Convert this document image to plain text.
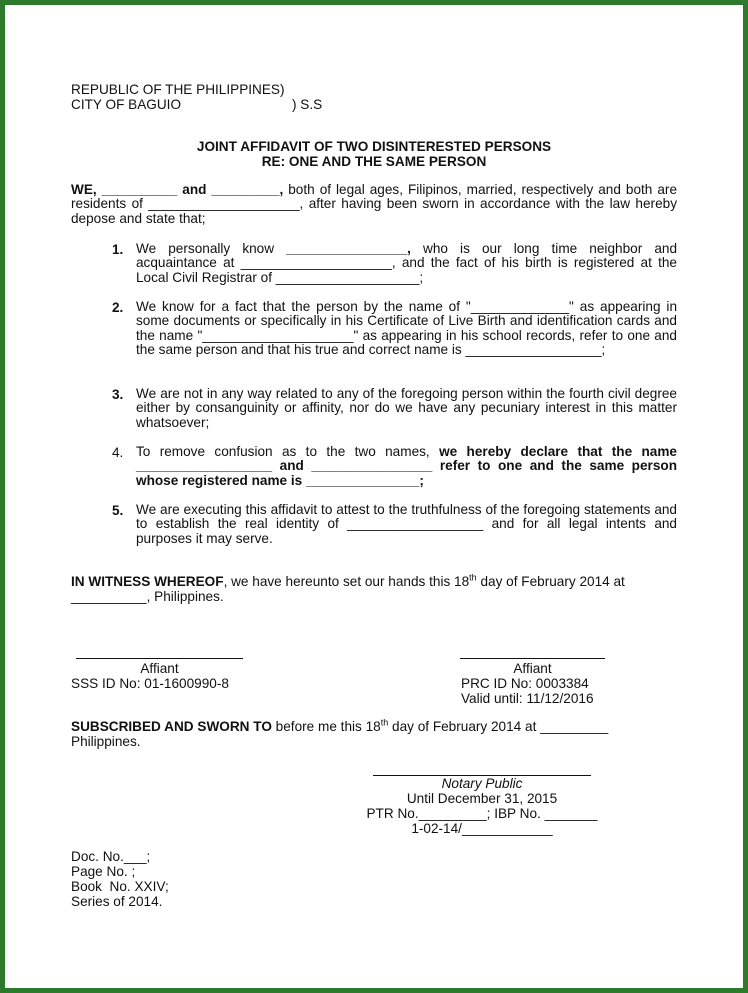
REPUBLIC OF THE PHILIPPINES)
CITY OF BAGUIO	) S.S
JOINT AFFIDAVIT OF TWO DISINTERESTED PERSONS
RE: ONE AND THE SAME PERSON
WE, __________ and _________, both of legal ages, Filipinos, married, respectively and both are residents of ____________________, after having been sworn in accordance with the law hereby depose and state that;
1. We personally know ________________, who is our long time neighbor and acquaintance at ____________________, and the fact of his birth is registered at the Local Civil Registrar of ___________________;
2. We know for a fact that the person by the name of "_____________" as appearing in some documents or specifically in his Certificate of Live Birth and identification cards and the name "____________________" as appearing in his school records, refer to one and the same person and that his true and correct name is __________________;
3. We are not in any way related to any of the foregoing person within the fourth civil degree either by consanguinity or affinity, nor do we have any pecuniary interest in this matter whatsoever;
4. To remove confusion as to the two names, we hereby declare that the name __________________ and ________________ refer to one and the same person whose registered name is _______________;
5. We are executing this affidavit to attest to the truthfulness of the foregoing statements and to establish the real identity of __________________ and for all legal intents and purposes it may serve.
IN WITNESS WHEREOF, we have hereunto set our hands this 18th day of February 2014 at
__________, Philippines.
Affiant
SSS ID No: 01-1600990-8
Affiant
PRC ID No: 0003384
Valid until: 11/12/2016
SUBSCRIBED AND SWORN TO before me this 18th day of February 2014 at _________
Philippines.
Notary Public
Until December 31, 2015
PTR No._________; IBP No. _______
1-02-14/____________
Doc. No.___;
Page No. ;
Book  No. XXIV;
Series of 2014.
